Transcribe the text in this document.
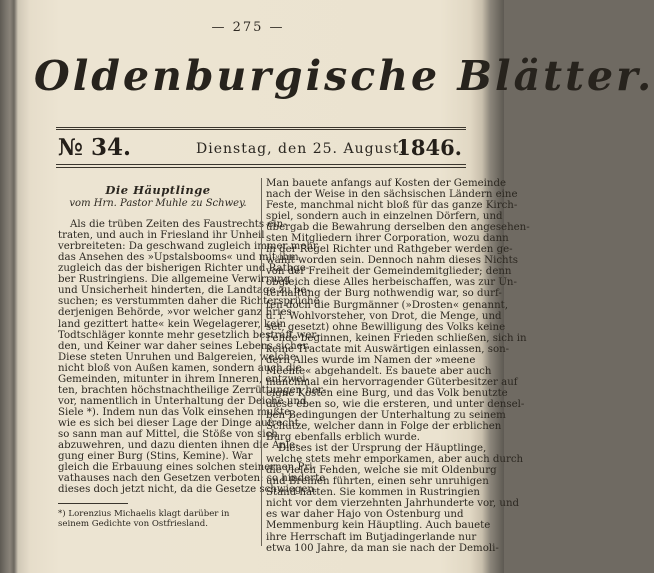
— 275 —
Oldenburgische Blätter.
№ 34.	Dienstag, den 25. August.
1846.
Die Häuptlinge
vom Hrn. Pastor Muhle zu Schwey.
Als die trüben Zeiten des Faustrechts ein-
traten, und auch in Friesland ihr Unheil
verbreiteten: Da geschwand zugleich immer mehr
das Ansehen des »Upstalsbooms« und mit ihm
zugleich das der bisherigen Richter und Rathge-
ber Rustringiens. Die allgemeine Verwirrung
und Unsicherheit hinderten, die Landtage zu be-
suchen; es verstummten daher die Richtersprüche
derjenigen Behörde, »vor welcher ganz Fries-
land gezittert hatte« kein Wegelagerer, kein
Todtschläger konnte mehr gesetzlich bestraft wer-
den, und Keiner war daher seines Lebens sicher.
Diese steten Unruhen und Balgereien, welche
nicht bloß von Außen kamen, sondern auch die
Gemeinden, mitunter in ihrem Inneren, entzwei-
ten, brachten höchstnachtheilige Zerrüttungen her-
vor, namentlich in Unterhaltung der Deiche und
Siele *). Indem nun das Volk einsehen mußte,
wie es sich bei dieser Lage der Dinge aufrecht
so sann man auf Mittel, die Stöße von sich
abzuwehren, und dazu dienten ihnen die Anle-
gung einer Burg (Stins, Kemine). War
gleich die Erbauung eines solchen steinernen Pri-
vathauses nach den Gesetzen verboten: so hinderte
dieses doch jetzt nicht, da die Gesetze schwiegen.
*) Lorenzius Michaelis klagt darüber in seinem Gedichte von Ostfriesland.
Man bauete anfangs auf Kosten der Gemeinde
nach der Weise in den sächsischen Ländern eine
Feste, manchmal nicht bloß für das ganze Kirch-
spiel, sondern auch in einzelnen Dörfern, und
übergab die Bewahrung derselben den angesehen-
sten Mitgliedern ihrer Corporation, wozu dann
in der Regel Richter und Rathgeber werden ge-
wählt worden sein. Dennoch nahm dieses Nichts
von der Freiheit der Gemeindemitglieder; denn
obgleich diese Alles herbeischaffen, was zur Un-
terhaltung der Burg nothwendig war, so durf-
ten doch die Burgmänner (»Drosten« genannt,
d. i. Wohlvorsteher, von Drot, die Menge, und
set, gesetzt) ohne Bewilligung des Volks keine
Fehde beginnen, keinen Frieden schließen, sich in
keine Tractate mit Auswärtigen einlassen, son-
dern Alles wurde im Namen der »meene
Meente« abgehandelt. Es bauete aber auch
manchmal ein hervorragender Güterbesitzer auf
eigne Kosten eine Burg, und das Volk benutzte
diese eben so, wie die ersteren, und unter densel-
ben Bedingungen der Unterhaltung zu seinem
Schutze, welcher dann in Folge der erblichen
Burg ebenfalls erblich wurde.
Dieses ist der Ursprung der Häuptlinge,
welche stets mehr emporkamen, aber auch durch
die vielen Fehden, welche sie mit Oldenburg
und Bremen führten, einen sehr unruhigen
Stand hatten. Sie kommen in Rustringien
nicht vor dem vierzehnten Jahrhunderte vor, und
es war daher Hajo von Ostenburg und
Memmenburg kein Häuptling. Auch bauete
ihre Herrschaft im Butjadingerlande nur
etwa 100 Jahre, da man sie nach der Demoli-
